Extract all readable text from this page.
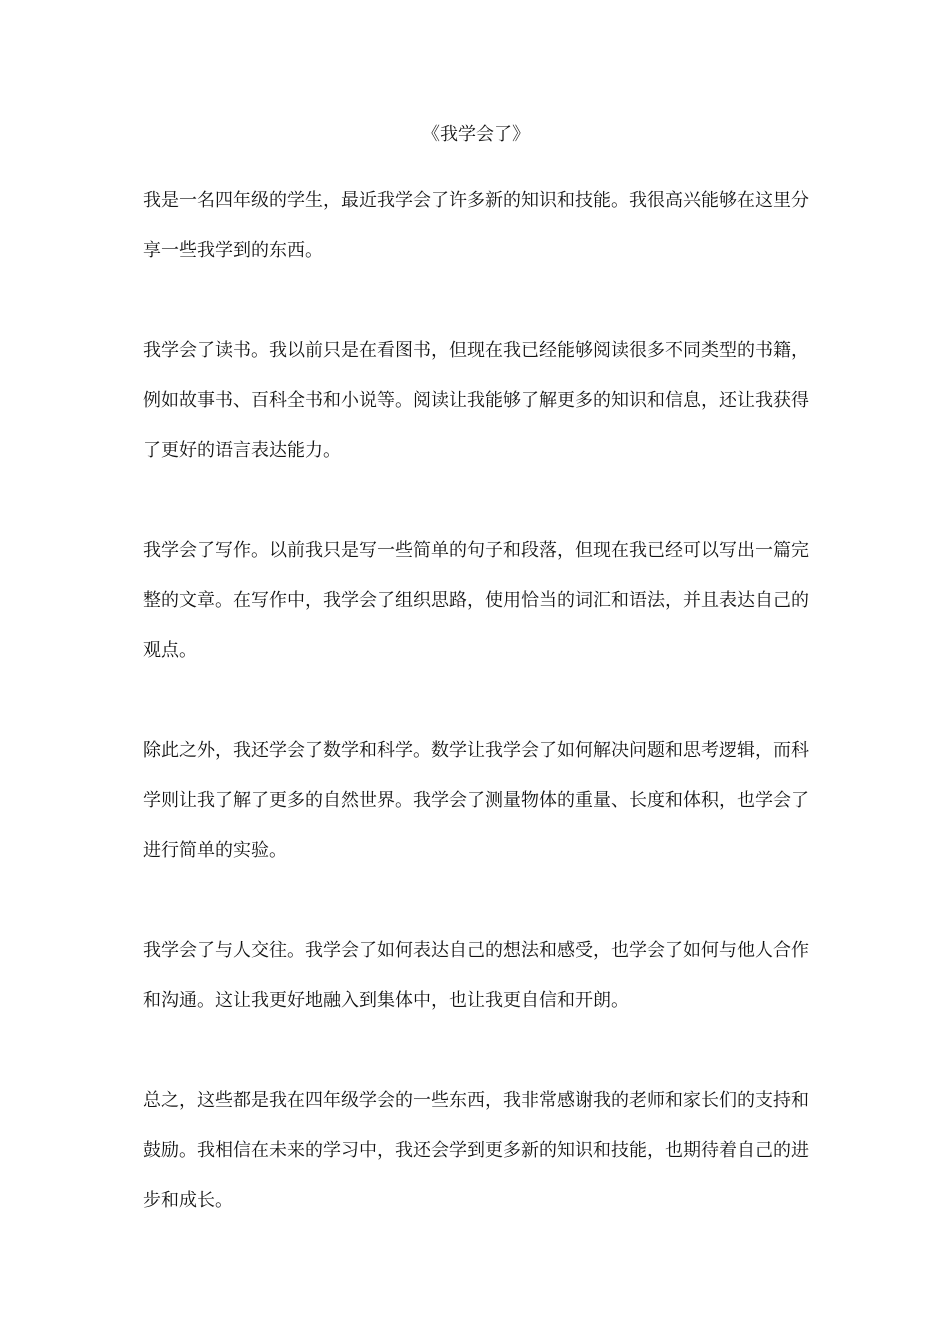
《我学会了》

我是一名四年级的学生，最近我学会了许多新的知识和技能。我很高兴能够在这里分享一些我学到的东西。

我学会了读书。我以前只是在看图书，但现在我已经能够阅读很多不同类型的书籍，例如故事书、百科全书和小说等。阅读让我能够了解更多的知识和信息，还让我获得了更好的语言表达能力。

我学会了写作。以前我只是写一些简单的句子和段落，但现在我已经可以写出一篇完整的文章。在写作中，我学会了组织思路，使用恰当的词汇和语法，并且表达自己的观点。

除此之外，我还学会了数学和科学。数学让我学会了如何解决问题和思考逻辑，而科学则让我了解了更多的自然世界。我学会了测量物体的重量、长度和体积，也学会了进行简单的实验。

我学会了与人交往。我学会了如何表达自己的想法和感受，也学会了如何与他人合作和沟通。这让我更好地融入到集体中，也让我更自信和开朗。

总之，这些都是我在四年级学会的一些东西，我非常感谢我的老师和家长们的支持和鼓励。我相信在未来的学习中，我还会学到更多新的知识和技能，也期待着自己的进步和成长。
